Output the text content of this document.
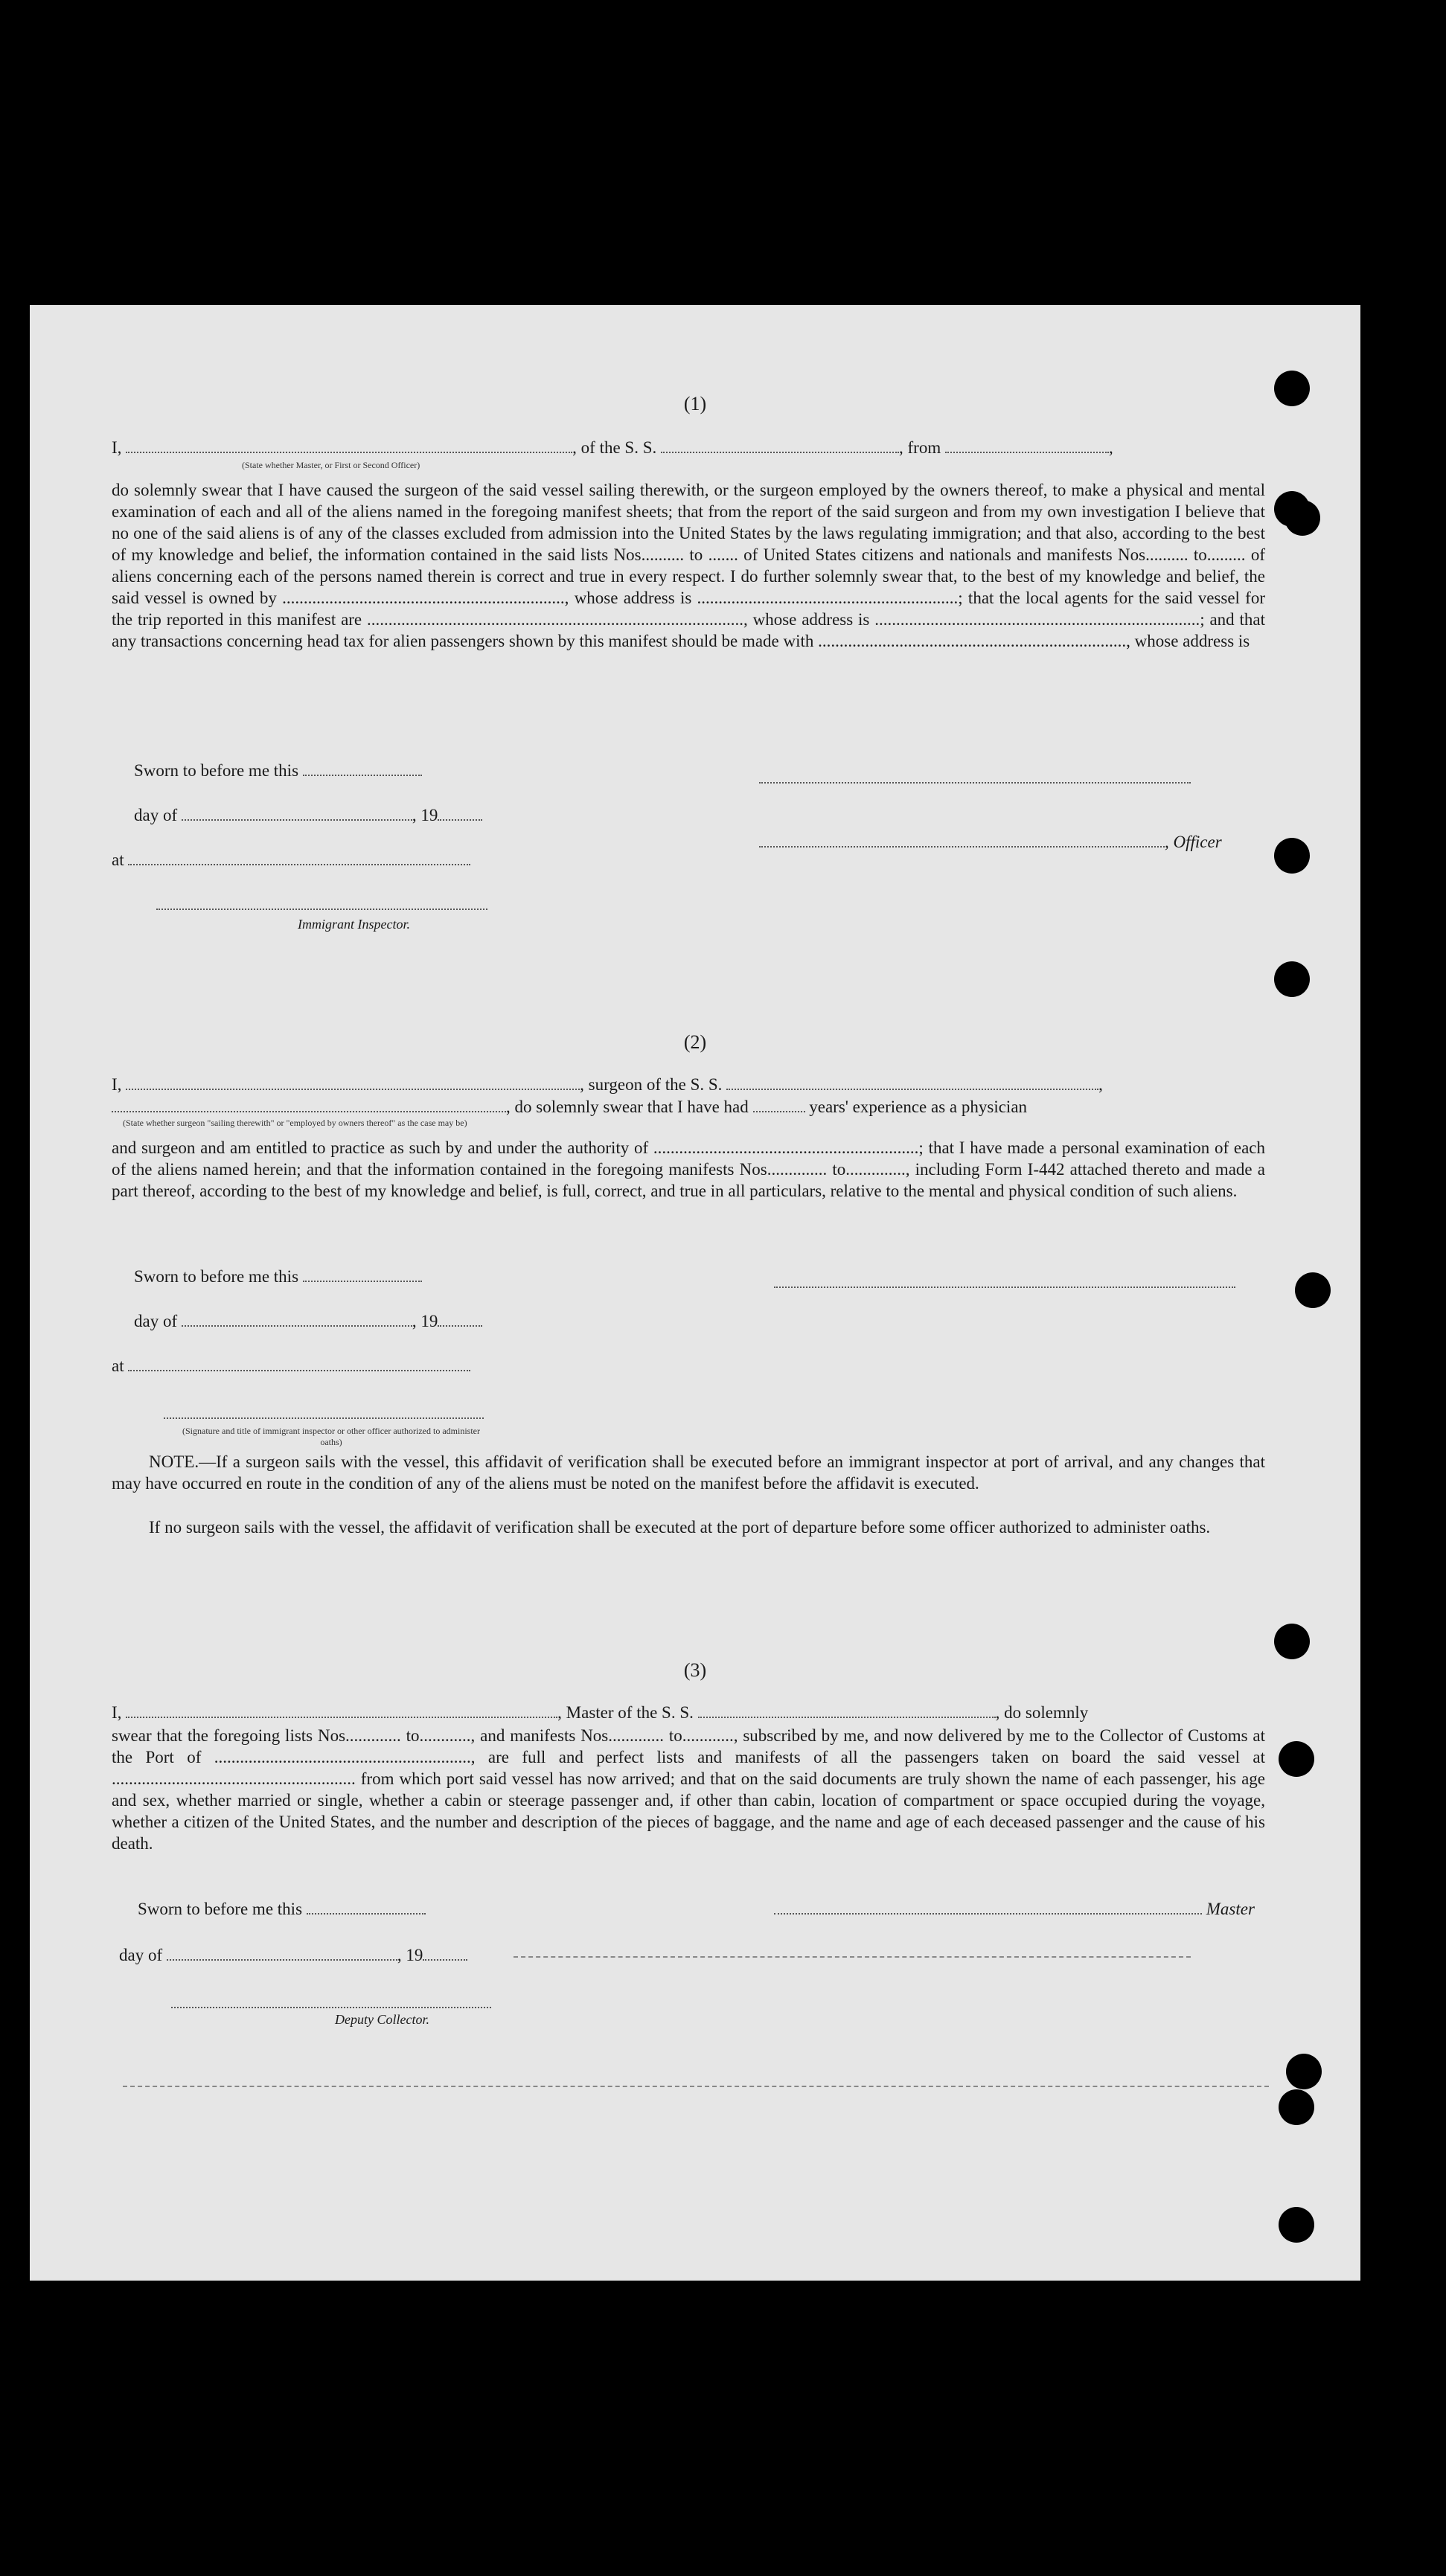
(1)
I,	, of the S. S.	, from	,
(State whether Master, or First or Second Officer)
do solemnly swear that I have caused the surgeon of the said vessel sailing therewith, or the surgeon employed by the owners thereof, to make a physical and mental examination of each and all of the aliens named in the foregoing manifest sheets; that from the report of the said surgeon and from my own investigation I believe that no one of the said aliens is of any of the classes excluded from admission into the United States by the laws regulating immigration; and that also, according to the best of my knowledge and belief, the information contained in the said lists Nos.......... to ....... of United States citizens and nationals and manifests Nos.......... to......... of aliens concerning each of the persons named therein is correct and true in every respect. I do further solemnly swear that, to the best of my knowledge and belief, the said vessel is owned by .................................................................., whose address is .............................................................; that the local agents for the said vessel for the trip reported in this manifest are ........................................................................................, whose address is ............................................................................; and that any transactions concerning head tax for alien passengers shown by this manifest should be made with ........................................................................, whose address is
Sworn to before me this
day of	, 19
, Officer
at
Immigrant Inspector.
(2)
I,	, surgeon of the S. S.	,
, do solemnly swear that I have had	years' experience as a physician
(State whether surgeon "sailing therewith" or "employed by owners thereof" as the case may be)
and surgeon and am entitled to practice as such by and under the authority of ..............................................................; that I have made a personal examination of each of the aliens named herein; and that the information contained in the foregoing manifests Nos.............. to.............., including Form I-442 attached thereto and made a part thereof, according to the best of my knowledge and belief, is full, correct, and true in all particulars, relative to the mental and physical condition of such aliens.
Sworn to before me this
day of	, 19
at
(Signature and title of immigrant inspector or other officer authorized to administer oaths)
NOTE.—If a surgeon sails with the vessel, this affidavit of verification shall be executed before an immigrant inspector at port of arrival, and any changes that may have occurred en route in the condition of any of the aliens must be noted on the manifest before the affidavit is executed.
If no surgeon sails with the vessel, the affidavit of verification shall be executed at the port of departure before some officer authorized to administer oaths.
(3)
I,	, Master of the S. S.	, do solemnly
swear that the foregoing lists Nos............. to............, and manifests Nos............. to............, subscribed by me, and now delivered by me to the Collector of Customs at the Port of ............................................................, are full and perfect lists and manifests of all the passengers taken on board the said vessel at ......................................................... from which port said vessel has now arrived; and that on the said documents are truly shown the name of each passenger, his age and sex, whether married or single, whether a cabin or steerage passenger and, if other than cabin, location of compartment or space occupied during the voyage, whether a citizen of the United States, and the number and description of the pieces of baggage, and the name and age of each deceased passenger and the cause of his death.
Sworn to before me this	Master
day of	, 19
Deputy Collector.
